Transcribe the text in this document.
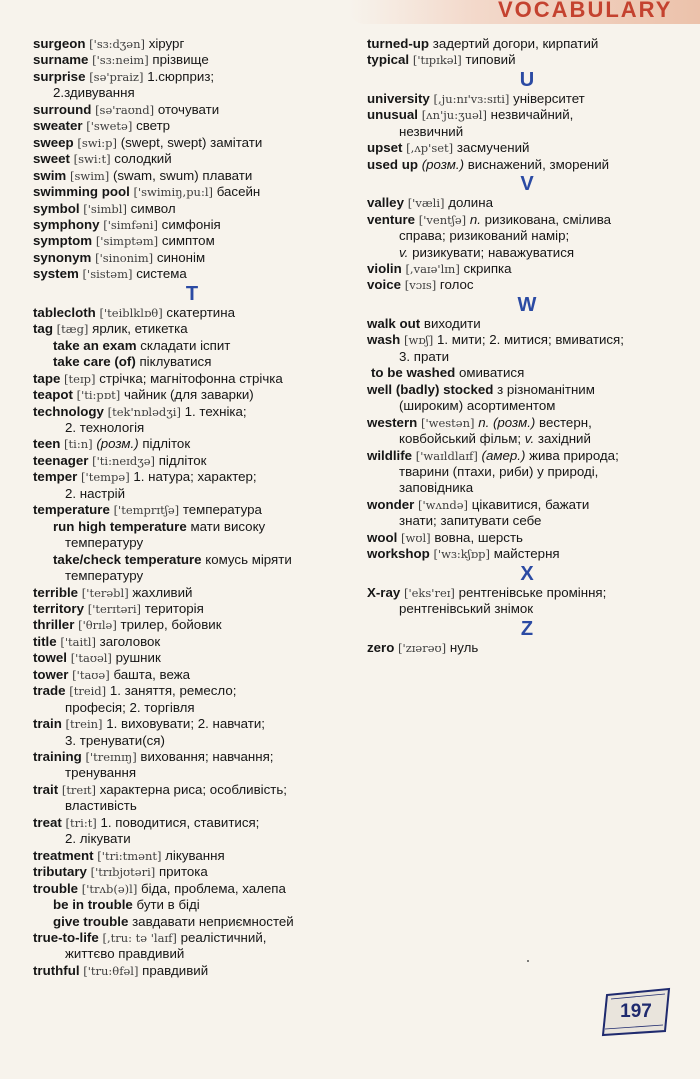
VOCABULARY
surgeon ['sɜ:dʒən] хірург
surname ['sɜ:neim] прізвище
surprise [sə'praiz] 1.сюрприз;
2.здивування
surround [sə'raʊnd] оточувати
sweater ['swetə] светр
sweep [swi:p] (swept, swept) замітати
sweet [swi:t] солодкий
swim [swim] (swam, swum) плавати
swimming pool ['swimiŋ,pu:l] басейн
symbol ['simbl] символ
symphony ['simfəni] симфонія
symptom ['simptəm] симптом
synonym ['sinonim] синонім
system ['sistəm] система
T
tablecloth ['teiblklɒθ] скатертина
tag [tæg] ярлик, етикетка
take an exam складати іспит
take care (of) піклуватися
tape [teɪp] стрічка; магнітофонна стрічка
teapot ['ti:pɒt] чайник (для заварки)
technology [tek'nɒlədʒi] 1. техніка;
2. технологія
teen [ti:n] (розм.) підліток
teenager ['ti:neɪdʒə] підліток
temper ['tempə] 1. натура; характер;
2. настрій
temperature ['temprɪtʃə] температура
run high temperature мати високу
температуру
take/check temperature комусь міряти
температуру
terrible ['terəbl] жахливий
territory ['terɪtəri] територія
thriller ['θrɪlə] трилер, бойовик
title ['taitl] заголовок
towel ['taʊəl] рушник
tower ['taʊə] башта, вежа
trade [treid] 1. заняття, ремесло;
професія; 2. торгівля
train [trein] 1. виховувати; 2. навчати;
3. тренувати(ся)
training ['treɪnɪŋ] виховання; навчання;
тренування
trait [treɪt] характерна риса; особливість;
властивість
treat [tri:t] 1. поводитися, ставитися;
2. лікувати
treatment ['tri:tmənt] лікування
tributary ['trɪbjʊtəri] притока
trouble ['trʌb(ə)l] біда, проблема, халепа
be in trouble бути в біді
give trouble завдавати неприємностей
true-to-life [,tru: tə 'laɪf] реалістичний,
життєво правдивий
truthful ['tru:θfəl] правдивий
turned-up задертий догори, кирпатий
typical ['tɪpɪkəl] типовий
U
university [,ju:nɪ'vɜ:sɪti] університет
unusual [ʌn'ju:ʒuəl] незвичайний,
незвичний
upset [,ʌp'set] засмучений
used up (розм.) виснажений, зморений
V
valley ['væli] долина
venture ['ventʃə] n. ризикована, смілива
справа; ризикований намір;
v. ризикувати; наважуватися
violin [,vaɪə'lɪn] скрипка
voice [vɔɪs] голос
W
walk out виходити
wash [wɒʃ] 1. мити; 2. митися; вмиватися;
3. прати
to be washed омиватися
well (badly) stocked з різноманітним
(широким) асортиментом
western ['westən] n. (розм.) вестерн,
ковбойський фільм; v. західний
wildlife ['waɪldlaɪf] (амер.) жива природа;
тварини (птахи, риби) у природі,
заповідника
wonder ['wʌndə] цікавитися, бажати
знати; запитувати себе
wool [wʊl] вовна, шерсть
workshop ['wɜ:kʃɒp] майстерня
X
X-ray ['eks'reɪ] рентгенівське проміння;
рентгенівський знімок
Z
zero ['zɪərəʊ] нуль
197
